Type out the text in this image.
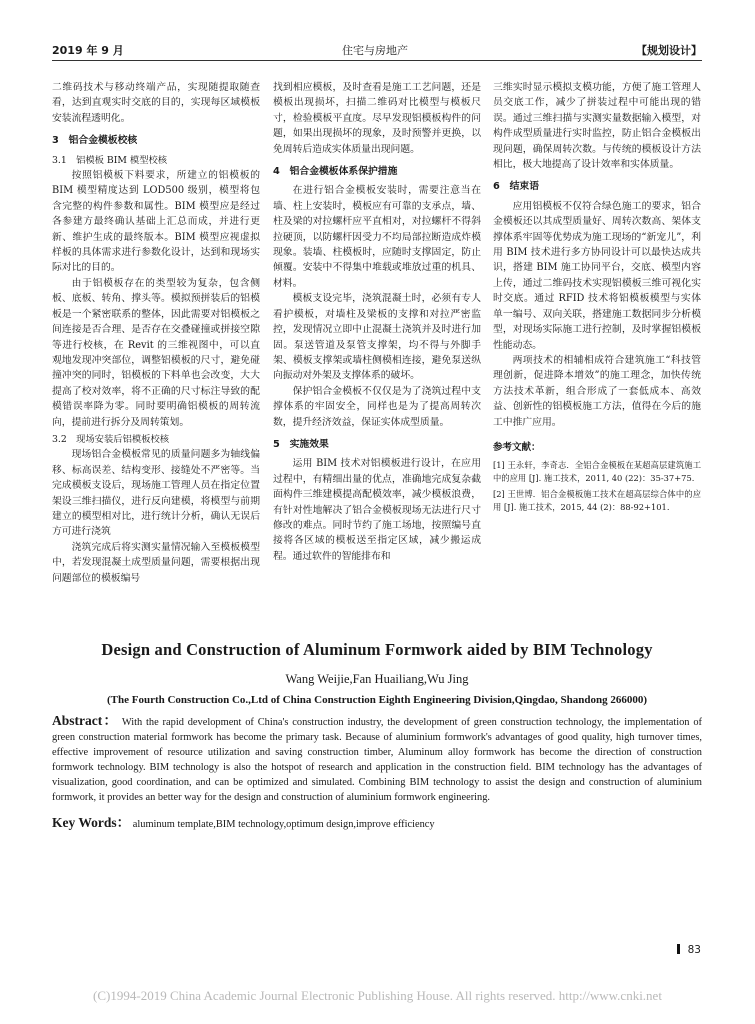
2019 年 9 月	住宅与房地产	【规划设计】

二维码技术与移动终端产品，实现随提取随查看，达到直观实时交底的目的，实现每区域模板安装流程透明化。

3　铝合金模板校核
3.1　铝模板 BIM 模型校核

按照铝模板下料要求，所建立的铝模板的 BIM 模型精度达到 LOD500 级别，模型将包含完整的构件参数和属性。BIM 模型应是经过各参建方最终确认基础上汇总而成，并进行更新、维护生成的最终版本。BIM 模型应视虚拟样板的具体需求进行参数化设计，达到和现场实际对比的目的。

由于铝模板存在的类型较为复杂，包含侧板、底板、转角、撑头等。模拟预拼装后的铝模板是一个紧密联系的整体，因此需要对铝模板之间连接是否合理、是否存在交叠碰撞或拼接空隙等进行校核，在 Revit 的三维视图中，可以直观地发现冲突部位，调整铝模板的尺寸，避免碰撞冲突的同时，铝模板的下料单也会改变，大大提高了校对效率，将不正确的尺寸标注导致的配模错误率降为零。同时要明确铝模板的周转流向，提前进行拆分及周转策划。

3.2　现场安装后铝模板校核

现场铝合金模板常见的质量问题多为轴线偏移、标高误差、结构变形、接缝处不严密等。当完成模板支设后，现场施工管理人员在指定位置架设三维扫描仪，进行反向建模，将模型与前期建立的模型相对比，进行统计分析，确认无误后方可进行浇筑

浇筑完成后将实测实量情况输入至模板模型中，若发现混凝土成型质量问题，需要根据出现问题部位的模板编号

找到相应模板，及时查看是施工工艺问题，还是模板出现损坏，扫描二维码对比模型与模板尺寸，检验模板平直度。尽早发现铝模板构件的问题，如果出现损坏的现象，及时预警并更换，以免周转后造成实体质量出现问题。

4　铝合金模板体系保护措施

在进行铝合金模板安装时，需要注意当在墙、柱上安装时，模板应有可靠的支承点，墙、柱及梁的对拉螺杆应平直相对，对拉螺杆不得斜拉硬顶，以防螺杆因受力不均局部拉断造成炸模现象。装墙、柱模板时，应随时支撑固定，防止倾覆。安装中不得集中堆载或堆放过重的机具、材料。

模板支设完毕，浇筑混凝土时，必须有专人看护模板，对墙柱及梁板的支撑和对拉严密监控，发现情况立即中止混凝土浇筑并及时进行加固。泵送管道及泵管支撑架，均不得与外脚手架、模板支撑架或墙柱侧模相连接，避免泵送纵向振动对外架及支撑体系的破坏。

保护铝合金模板不仅仅是为了浇筑过程中支撑体系的牢固安全，同样也是为了提高周转次数，提升经济效益，保证实体成型质量。

5　实施效果

运用 BIM 技术对铝模板进行设计，在应用过程中，有精细出量的优点，准确地完成复杂截面构件三维建模提高配模效率，减少模板浪费，有针对性地解决了铝合金模板现场无法进行尺寸修改的难点。同时节约了施工场地，按照编号直接将各区域的模板送至指定区域，减少搬运成程。通过软件的智能排布和

三维实时显示模拟支模功能，方便了施工管理人员交底工作，减少了拼装过程中可能出现的错误。通过三维扫描与实测实量数据输入模型，对构件成型质量进行实时监控，防止铝合金模板出现问题，确保周转次数。与传统的模板设计方法相比，极大地提高了设计效率和实体质量。

6　结束语

应用铝模板不仅符合绿色施工的要求，铝合金模板还以其成型质量好、周转次数高、架体支撑体系牢固等优势成为施工现场的“新宠儿”，利用 BIM 技术进行多方协同设计可以最快达成共识，搭建 BIM 施工协同平台，交底、模型内容上传，通过二维码技术实现铝模板三维可视化实时交底。通过 RFID 技术将铝模板模型与实体单一编号、双向关联，搭建施工数据同步分析模型，对现场实际施工进行控制，及时掌握铝模板性能动态。

两项技术的相辅相成符合建筑施工“科技管理创新，促进降本增效”的施工理念，加快传统方法技术革新，组合形成了一套低成本、高效益、创新性的铝模板施工方法，值得在今后的施工中推广应用。

参考文献：

[1] 王永轩，李奇志．全铝合金模板在某超高层建筑施工中的应用 [J]. 施工技术，2011, 40 (22)：35-37+75.

[2] 王世博．铝合金模板施工技术在超高层综合体中的应用 [J]. 施工技术，2015, 44 (2)：88-92+101.

Design and Construction of Aluminum Formwork aided by BIM Technology
Wang Weijie,Fan Huailiang,Wu Jing
(The Fourth Construction Co.,Ltd of China Construction Eighth Engineering Division,Qingdao, Shandong 266000)
Abstract： With the rapid development of China's construction industry, the development of green construction technology, the implementation of green construction material formwork has become the primary task. Because of aluminium formwork's advantages of good quality, high turnover times, effective improvement of resource utilization and saving construction timber, Aluminum alloy formwork has become the direction of construction formwork technology. BIM technology is also the hotspot of research and application in the construction field. BIM technology has the advantages of visualization, good coordination, and can be optimized and simulated. Combining BIM technology to assist the design and construction of aluminium formwork, it provides an better way for the design and construction of aluminium formwork engineering.
Key Words： aluminum template,BIM technology,optimum design,improve efficiency
83
(C)1994-2019 China Academic Journal Electronic Publishing House. All rights reserved. http://www.cnki.net
